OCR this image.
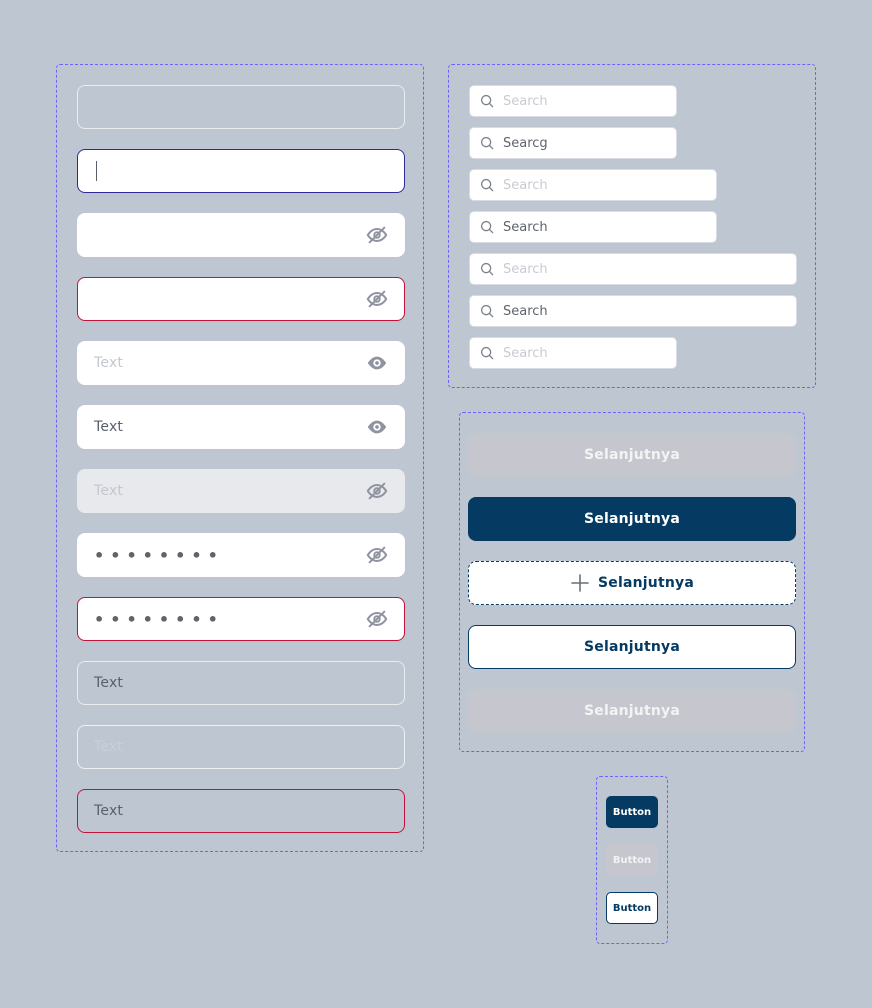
Text
Text
Text
••••••••
••••••••
Text
Text
Text
Search
Searcg
Search
Search
Search
Search
Search
Selanjutnya
Selanjutnya
Selanjutnya
Selanjutnya
Selanjutnya
Button
Button
Button
